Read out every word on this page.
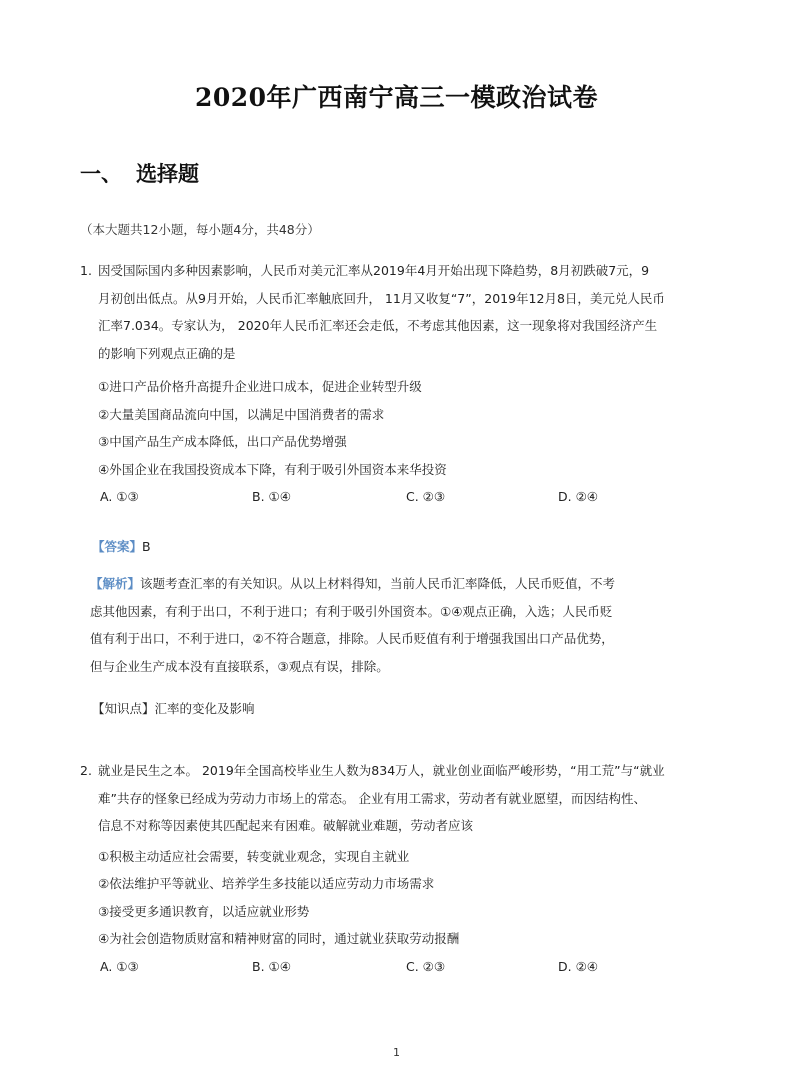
2020年广西南宁高三一模政治试卷
一、 选择题
（本大题共12小题，每小题4分，共48分）
1. 因受国际国内多种因素影响，人民币对美元汇率从2019年4月开始出现下降趋势，8月初跌破7元，9
月初创出低点。从9月开始，人民币汇率触底回升， 11月又收复“7”，2019年12月8日，美元兑人民币
汇率7.034。专家认为， 2020年人民币汇率还会走低，不考虑其他因素，这一现象将对我国经济产生
的影响下列观点正确的是
①进口产品价格升高提升企业进口成本，促进企业转型升级
②大量美国商品流向中国，以满足中国消费者的需求
③中国产品生产成本降低，出口产品优势增强
④外国企业在我国投资成本下降，有利于吸引外国资本来华投资
A. ①③	B. ①④	C. ②③	D. ②④
【答案】B
【解析】该题考查汇率的有关知识。从以上材料得知，当前人民币汇率降低，人民币贬值，不考
虑其他因素，有利于出口，不利于进口；有利于吸引外国资本。①④观点正确，入选；人民币贬
值有利于出口，不利于进口，②不符合题意，排除。人民币贬值有利于增强我国出口产品优势，
但与企业生产成本没有直接联系，③观点有误，排除。
【知识点】汇率的变化及影响
2. 就业是民生之本。 2019年全国高校毕业生人数为834万人，就业创业面临严峻形势，“用工荒”与“就业
难”共存的怪象已经成为劳动力市场上的常态。 企业有用工需求，劳动者有就业愿望，而因结构性、
信息不对称等因素使其匹配起来有困难。破解就业难题，劳动者应该
①积极主动适应社会需要，转变就业观念，实现自主就业
②依法维护平等就业、培养学生多技能以适应劳动力市场需求
③接受更多通识教育，以适应就业形势
④为社会创造物质财富和精神财富的同时，通过就业获取劳动报酬
A. ①③	B. ①④	C. ②③	D. ②④
1
